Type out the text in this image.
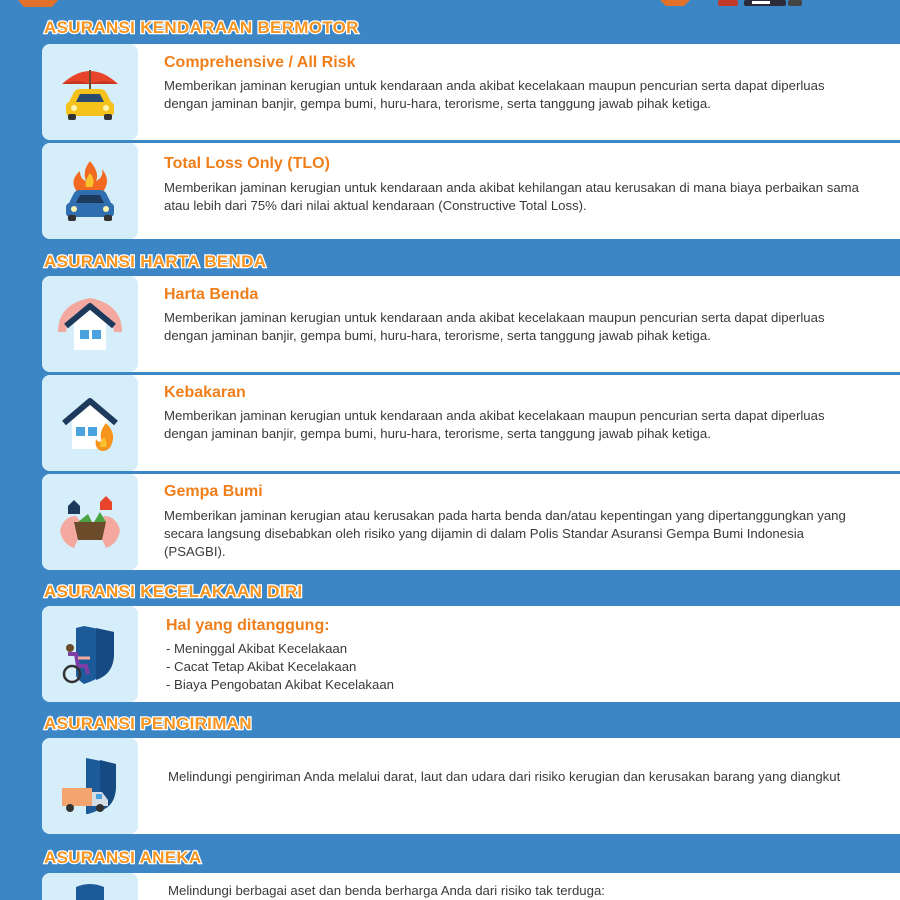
ASURANSI KENDARAAN BERMOTOR
Comprehensive / All Risk
Memberikan jaminan kerugian untuk kendaraan anda akibat kecelakaan maupun pencurian serta dapat diperluas dengan jaminan banjir, gempa bumi, huru-hara, terorisme, serta tanggung jawab pihak ketiga.
Total Loss Only (TLO)
Memberikan jaminan kerugian untuk kendaraan anda akibat kehilangan atau kerusakan di mana biaya perbaikan sama atau lebih dari 75% dari nilai aktual kendaraan (Constructive Total Loss).
ASURANSI HARTA BENDA
Harta Benda
Memberikan jaminan kerugian untuk kendaraan anda akibat kecelakaan maupun pencurian serta dapat diperluas dengan jaminan banjir, gempa bumi, huru-hara, terorisme, serta tanggung jawab pihak ketiga.
Kebakaran
Memberikan jaminan kerugian untuk kendaraan anda akibat kecelakaan maupun pencurian serta dapat diperluas dengan jaminan banjir, gempa bumi, huru-hara, terorisme, serta tanggung jawab pihak ketiga.
Gempa Bumi
Memberikan jaminan kerugian atau kerusakan pada harta benda dan/atau kepentingan yang dipertanggungkan yang secara langsung disebabkan oleh risiko yang dijamin di dalam Polis Standar Asuransi Gempa Bumi Indonesia (PSAGBI).
ASURANSI KECELAKAAN DIRI
Hal yang ditanggung:
- Meninggal Akibat Kecelakaan
- Cacat Tetap Akibat Kecelakaan
- Biaya Pengobatan Akibat Kecelakaan
ASURANSI PENGIRIMAN
Melindungi pengiriman Anda melalui darat, laut dan udara dari risiko kerugian dan kerusakan barang yang diangkut
ASURANSI ANEKA
Melindungi berbagai aset dan benda berharga Anda dari risiko tak terduga:
